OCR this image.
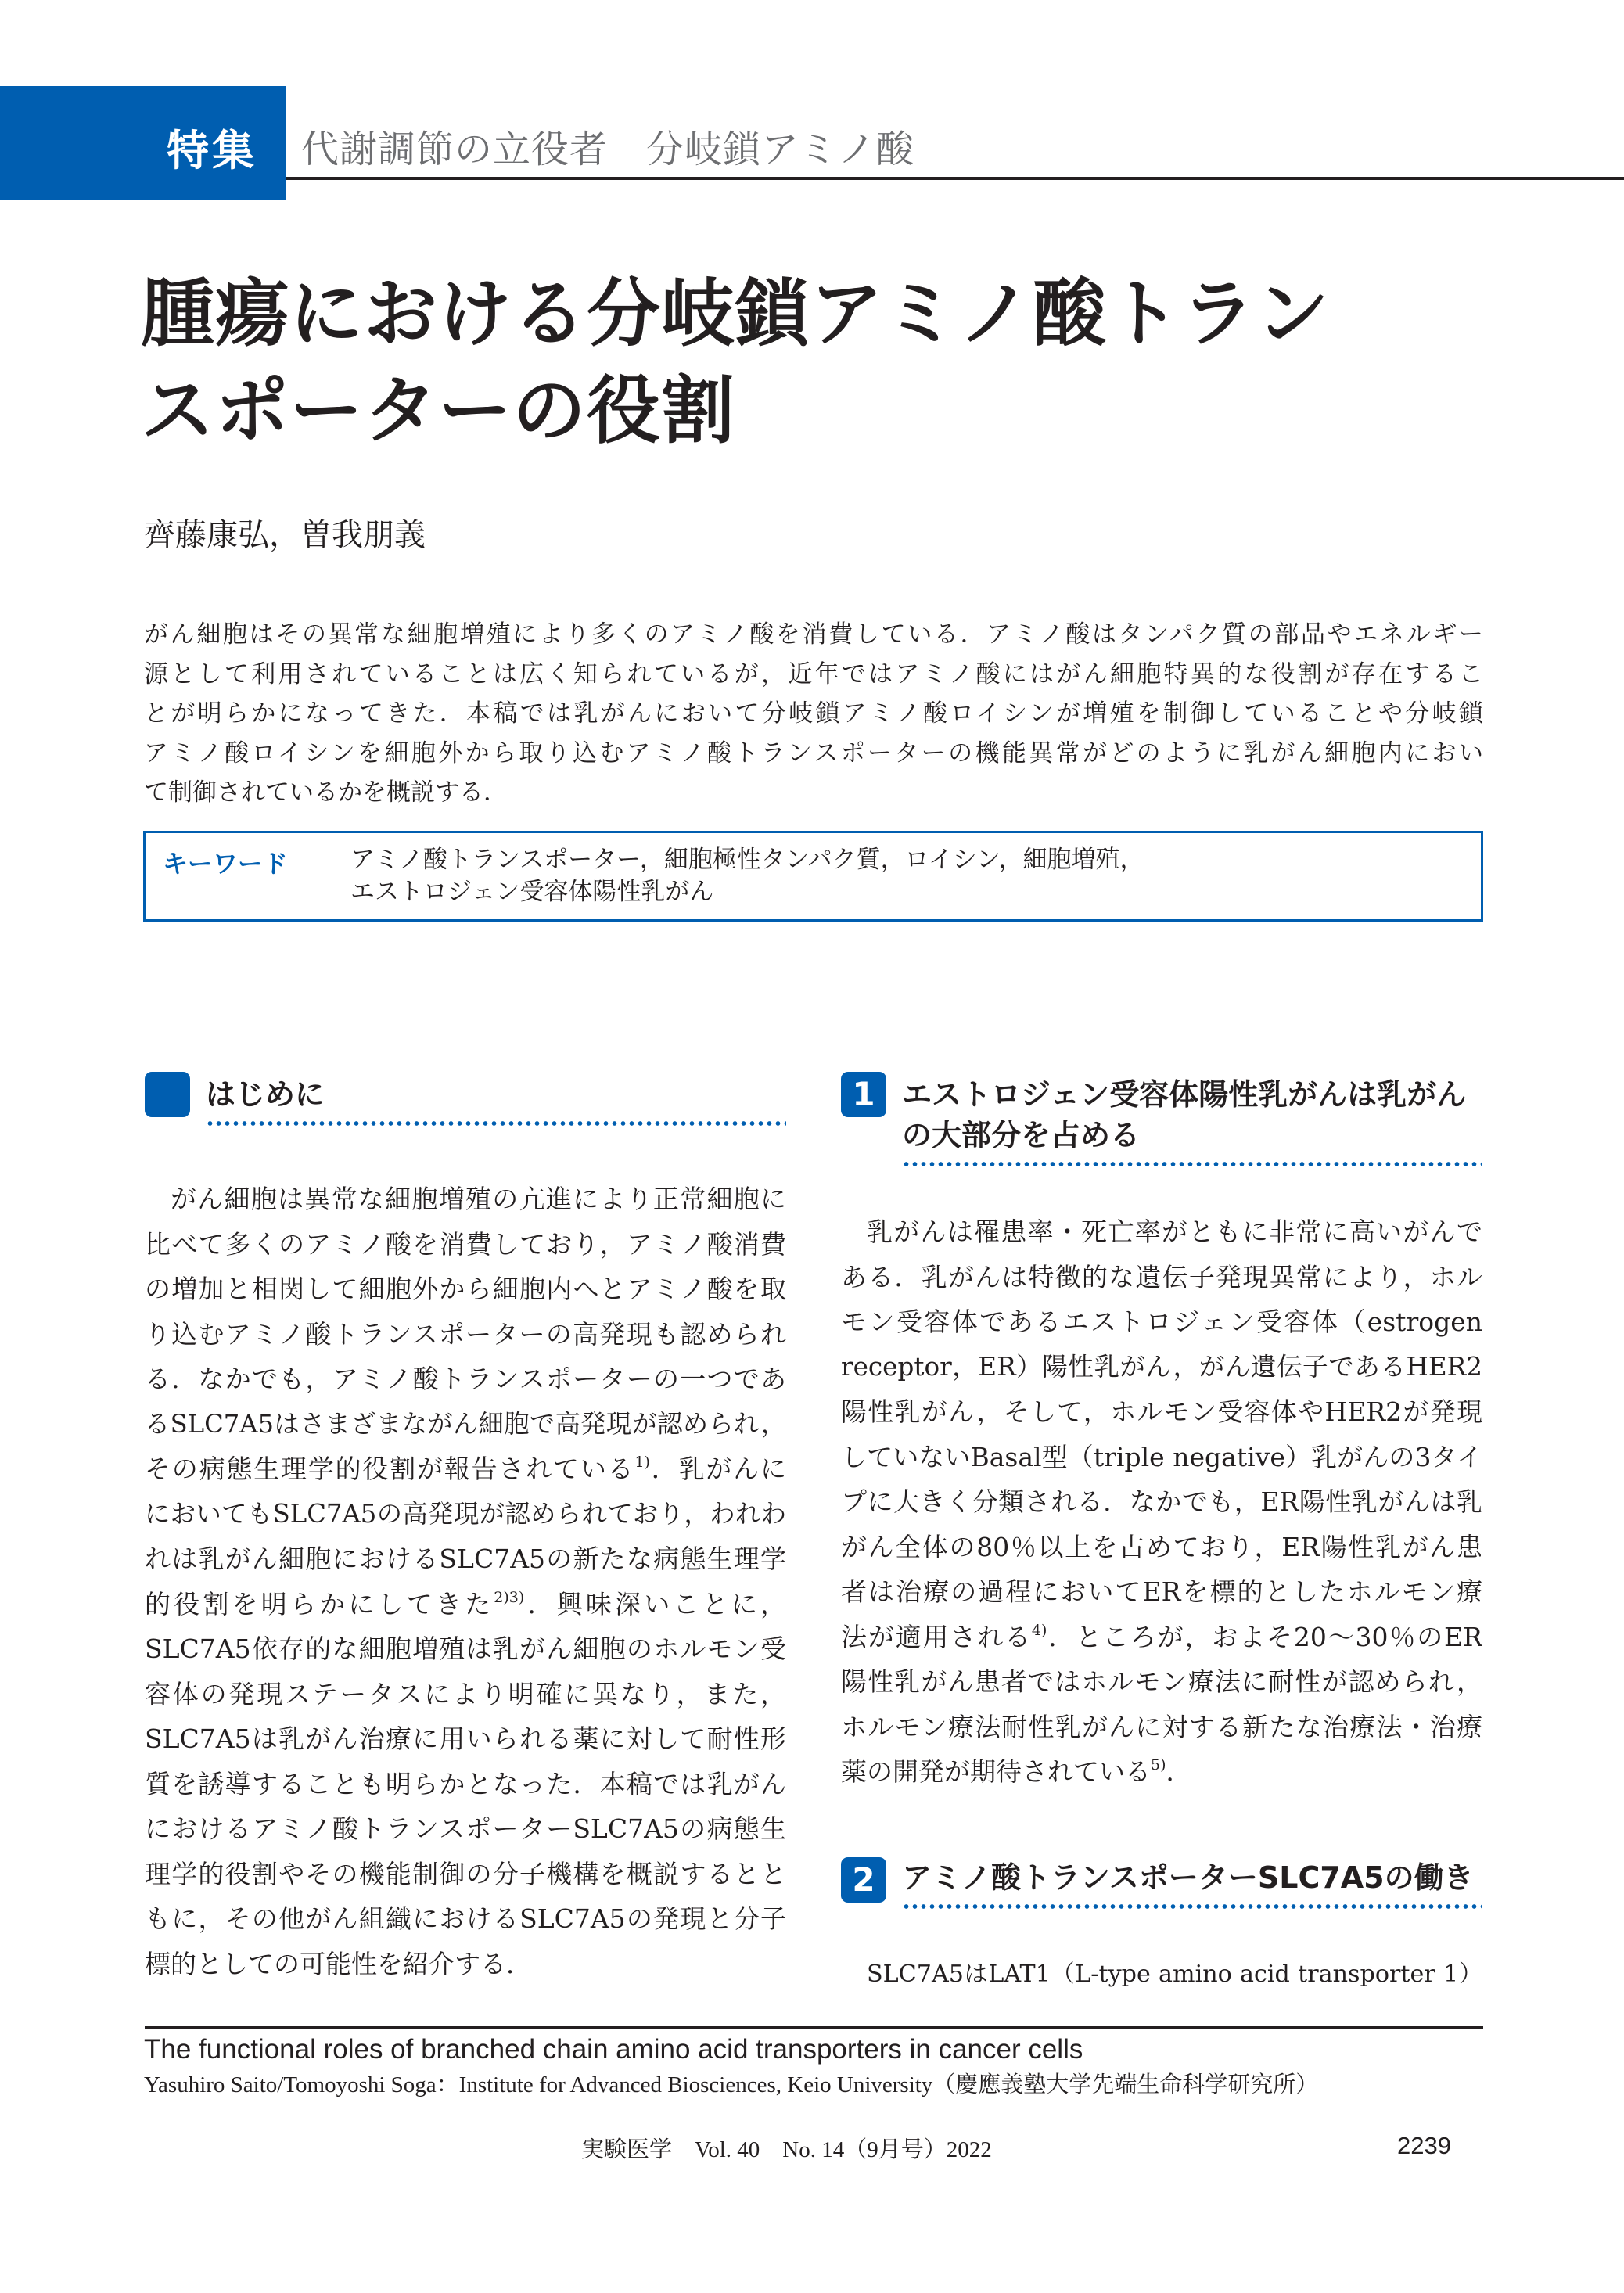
特集 代謝調節の立役者　分岐鎖アミノ酸
腫瘍における分岐鎖アミノ酸トラン
スポーターの役割
齊藤康弘，曽我朋義
がん細胞はその異常な細胞増殖により多くのアミノ酸を消費している．アミノ酸はタンパク質の部品やエネルギー
源として利用されていることは広く知られているが，近年ではアミノ酸にはがん細胞特異的な役割が存在するこ
とが明らかになってきた．本稿では乳がんにおいて分岐鎖アミノ酸ロイシンが増殖を制御していることや分岐鎖
アミノ酸ロイシンを細胞外から取り込むアミノ酸トランスポーターの機能異常がどのように乳がん細胞内におい
て制御されているかを概説する．
キーワード	アミノ酸トランスポーター，細胞極性タンパク質，ロイシン，細胞増殖，
エストロジェン受容体陽性乳がん
はじめに
がん細胞は異常な細胞増殖の亢進により正常細胞に
比べて多くのアミノ酸を消費しており，アミノ酸消費
の増加と相関して細胞外から細胞内へとアミノ酸を取
り込むアミノ酸トランスポーターの高発現も認められ
る．なかでも，アミノ酸トランスポーターの一つであ
るSLC7A5はさまざまながん細胞で高発現が認められ，
その病態生理学的役割が報告されている$^{1)}$．乳がんに
においてもSLC7A5の高発現が認められており，われわ
れは乳がん細胞におけるSLC7A5の新たな病態生理学
的役割を明らかにしてきた$^{2)3)}$．興味深いことに，
SLC7A5依存的な細胞増殖は乳がん細胞のホルモン受
容体の発現ステータスにより明確に異なり，また，
SLC7A5は乳がん治療に用いられる薬に対して耐性形
質を誘導することも明らかとなった．本稿では乳がん
におけるアミノ酸トランスポーターSLC7A5の病態生
理学的役割やその機能制御の分子機構を概説するとと
もに，その他がん組織におけるSLC7A5の発現と分子
標的としての可能性を紹介する．
1 エストロジェン受容体陽性乳がんは乳がん
の大部分を占める
乳がんは罹患率・死亡率がともに非常に高いがんで
ある．乳がんは特徴的な遺伝子発現異常により，ホル
モン受容体であるエストロジェン受容体（estrogen
receptor，ER）陽性乳がん，がん遺伝子であるHER2
陽性乳がん，そして，ホルモン受容体やHER2が発現
していないBasal型（triple negative）乳がんの3タイ
プに大きく分類される．なかでも，ER陽性乳がんは乳
がん全体の80％以上を占めており，ER陽性乳がん患
者は治療の過程においてERを標的としたホルモン療
法が適用される$^{4)}$．ところが，およそ20～30％のER
陽性乳がん患者ではホルモン療法に耐性が認められ，
ホルモン療法耐性乳がんに対する新たな治療法・治療
薬の開発が期待されている$^{5)}$．
2 アミノ酸トランスポーターSLC7A5の働き
SLC7A5はLAT1（L-type amino acid transporter 1）
The functional roles of branched chain amino acid transporters in cancer cells
Yasuhiro Saito/Tomoyoshi Soga：Institute for Advanced Biosciences, Keio University（慶應義塾大学先端生命科学研究所）
実験医学　Vol. 40　No. 14（9月号）2022	2239
